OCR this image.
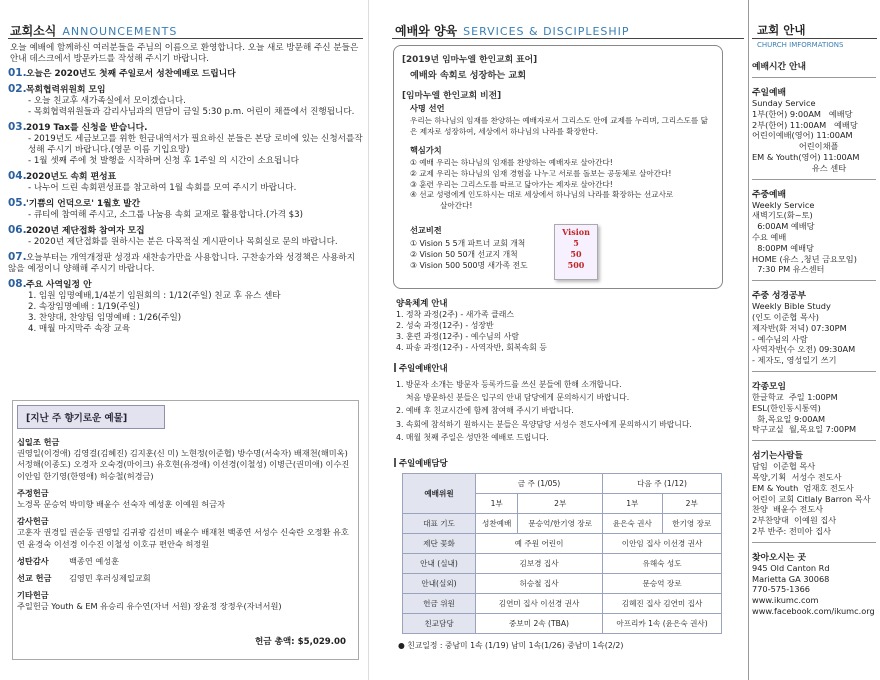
교회소식 ANNOUNCEMENTS
오늘 예배에 함께하신 여러분들을 주님의 이름으로 환영합니다. 오늘 새로 방문해 주신 분들은 안내 데스크에서 방문카드를 작성해 주시기 바랍니다.
01.오늘은 2020년도 첫째 주일로서 성찬예배로 드립니다
02.목회협력위원회 모임
- 오늘 친교후 새가족실에서 모이겠습니다.
- 목회협력위원들과 감리사님과의 면담이 금일 5:30 p.m. 어린이 채플에서 진행됩니다.
03.2019 Tax를 신청을 받습니다.
- 2019년도 세금보고를 위한 헌금내역서가 필요하신 분들은 본당 로비에 있는 신청서를작성해 주시기 바랍니다.(영문 이름 기입요망)
- 1월 셋째 주에 첫 발행을 시작하며 신청 후 1주일 의 시간이 소요됩니다
04.2020년도 속회 편성표
- 나누어 드린 속회편성표를 참고하여 1월 속회를 모여 주시기 바랍니다.
05.'기쁨의 언덕으로' 1월호 발간
- 큐티에 참여해 주시고, 소그룹 나눔용 속회 교재로 활용합니다.(가격 $3)
06.2020년 제단접화 참여자 모집
- 2020년 제단접화를 원하시는 분은 다목적실 게시판이나 목회실로 문의 바랍니다.
07.오늘부터는 개역개정판 성경과 새찬송가만을 사용합니다. 구찬송가와 성경책은 사용하지 않을 예정이니 양해해 주시기 바랍니다.
08.주요 사역일정 안
1. 임원 임명예배,1/4분기 임원회의 : 1/12(주일) 친교 후 유스 센타
2. 속장임명예배 : 1/19(주일)
3. 찬양대, 찬양팀 임명예배 : 1/26(주일)
4. 매월 마지막주 속장 교육
[지난 주 향기로운 예물]
십일조 헌금
권영일(이경애) 김영걸(김혜진) 김지훈(신 미) 노현정(이준협) 방수명(서숙자) 배재천(해미옥) 서정해(이종도) 오경자 오숙경(마이크) 유호현(유경애) 이선경(이철성) 이병근(권미애) 이수진 이안임 한기영(한영애) 허승철(허경금)
주정헌금
노경목 문승억 박미향 배윤수 선숙자 예성훈 이예원 허금자
감사헌금
고훈자 권경일 권순동 권영일 김귀광 김선미 배윤수 배재천 백종연 서성수 신숙란 오정환 유호연 윤경숙 이선경 이수진 이철성 이호규 편안숙 허정원
성탄감사 백종연 예성훈
선교 헌금 김영민 후러싱제일교회
기타헌금
주일헌금 Youth & EM 유승리 유수연(자녀 서원) 장윤정 장정우(자녀서원)
헌금 총액: $5,029.00
예배와 양육 SERVICES & DISCIPLESHIP
[2019년 임마누엘 한인교회 표어]
예배와 속회로 성장하는 교회
[임마누엘 한인교회 비전]
사명 선언
우리는 하나님의 임재를 찬양하는 예배자로서 그리스도 안에 교제를 누리며, 그리스도를 닮은 제자로 성장하여, 세상에서 하나님의 나라를 확장한다.
핵심가치
① 예배 우리는 하나님의 임재를 찬양하는 예배자로 살아간다!
② 교제 우리는 하나님의 임재 경험을 나누고 서로를 돌보는 공동체로 살아간다!
③ 훈련 우리는 그리스도를 따르고 닮아가는 제자로 살아간다!
④ 선교 성령에게 인도하시는 대로 세상에서 하나님의 나라를 확장하는 선교사로
살아간다!
선교비전
① Vision 5 5개 파트너 교회 개척
② Vision 50 50개 선교지 개척
③ Vision 500 500명 새가족 전도
Vision
5
50
500
양육체계 안내
1. 정착 과정(2주) - 새가족 클래스
2. 성숙 과정(12주) - 성장반
3. 훈련 과정(12주) - 예수님의 사람
4. 파송 과정(12주) - 사역자반, 회복속회 등
주일예배안내
1. 방문자 소개는 방문자 등록카드를 쓰신 분들에 한해 소개합니다.
처음 방문하신 분들은 입구의 안내 담당에게 문의하시기 바랍니다.
2. 예배 후 친교시간에 함께 참여해 주시기 바랍니다.
3. 속회에 참석하기 원하시는 분들은 목양담당 서성수 전도사에게 문의하시기 바랍니다.
4. 매월 첫째 주일은 성만찬 예배로 드립니다.
주일예배담당
예배위원	금 주 (1/05)		다음 주 (1/12)	
	1부	2부	1부	2부
대표 기도	성찬예배	문승억/한기영 장로	윤은숙 권사	한기영 장로
제단 꽃화	예 주원 어린이		이안임 집사 이선경 권사	
안내 (실내)	김보경 집사		유해숙 성도	
안내(실외)	허승철 집사		문승억 장로	
헌금 위원	김연미 집사 이선경 권사		김혜진 집사 김연미 집사	
친교담당	중보미 2속 (TBA)		아프리카 1속 (윤은숙 권사)	
● 친교일정 : 중남미 1속 (1/19) 남미 1속(1/26) 중남미 1속(2/2)
교회 안내
CHURCH IMFORMATIONS
예배시간 안내
주일예배
Sunday Service
1부(한어) 9:00AM   예배당
2부(한어) 11:00AM   예배당
어린이예배(영어) 11:00AM
어린이채플
EM & Youth(영어) 11:00AM
유스 센타
주중예배
Weekly Service
새벽기도(화~토)
6:00AM 예배당
수요 예배
8:00PM 예배당
HOME (유스 ,청년 금요모임)
7:30 PM 유스센터
주중 성경공부
Weekly Bible Study
(인도 이준협 목사)
제자반(화 저녁) 07:30PM
- 예수님의 사람
사역자반(수 오전) 09:30AM
- 제자도, 영성일기 쓰기
각종모임
한글학교  주일 1:00PM
ESL(한인동시통역)
화,목요일 9:00AM
탁구교실  월,목요일 7:00PM
섬기는사람들
담임  이준협 목사
목양,기획  서성수 전도사
EM & Youth  엄재호 전도사
어린이 교회 Citlaly Barron 목사
찬양  배윤수 전도사
2부찬양대  이예원 집사
2부 반주: 전미아 집사
찾아오시는 곳
945 Old Canton Rd
Marietta GA 30068
770-575-1366
www.ikumc.com
www.facebook.com/ikumc.org
